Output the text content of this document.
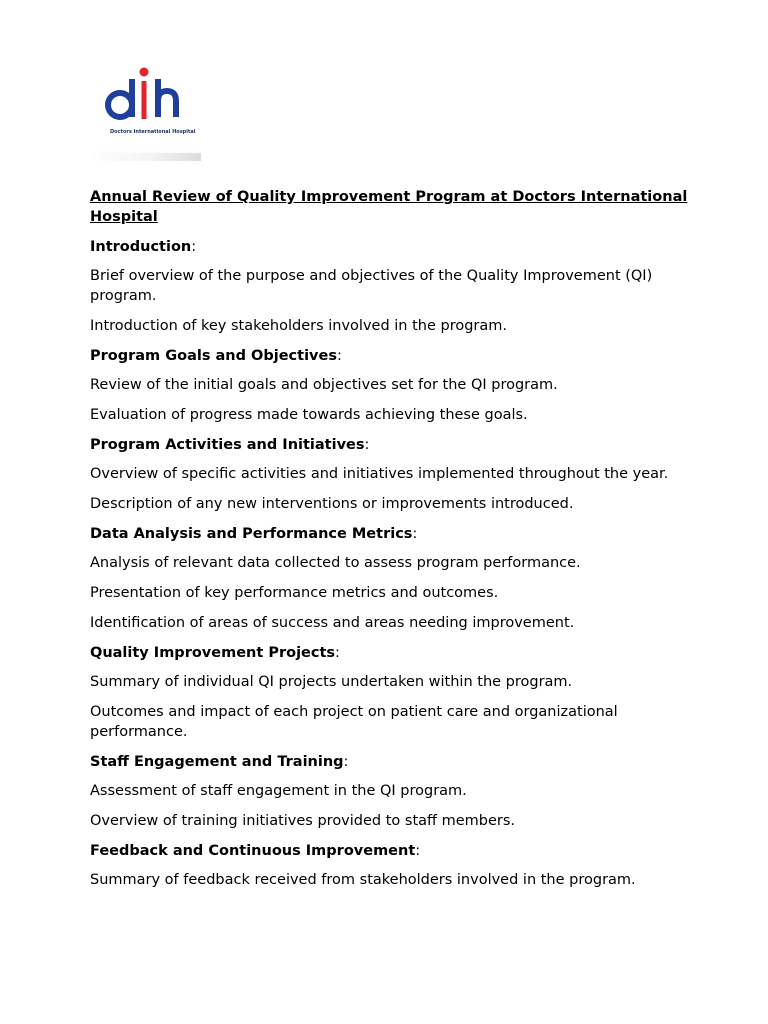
Doctors International Hospital
Annual Review of Quality Improvement Program at Doctors International Hospital
Introduction:
Brief overview of the purpose and objectives of the Quality Improvement (QI) program.
Introduction of key stakeholders involved in the program.
Program Goals and Objectives:
Review of the initial goals and objectives set for the QI program.
Evaluation of progress made towards achieving these goals.
Program Activities and Initiatives:
Overview of specific activities and initiatives implemented throughout the year.
Description of any new interventions or improvements introduced.
Data Analysis and Performance Metrics:
Analysis of relevant data collected to assess program performance.
Presentation of key performance metrics and outcomes.
Identification of areas of success and areas needing improvement.
Quality Improvement Projects:
Summary of individual QI projects undertaken within the program.
Outcomes and impact of each project on patient care and organizational performance.
Staff Engagement and Training:
Assessment of staff engagement in the QI program.
Overview of training initiatives provided to staff members.
Feedback and Continuous Improvement:
Summary of feedback received from stakeholders involved in the program.
